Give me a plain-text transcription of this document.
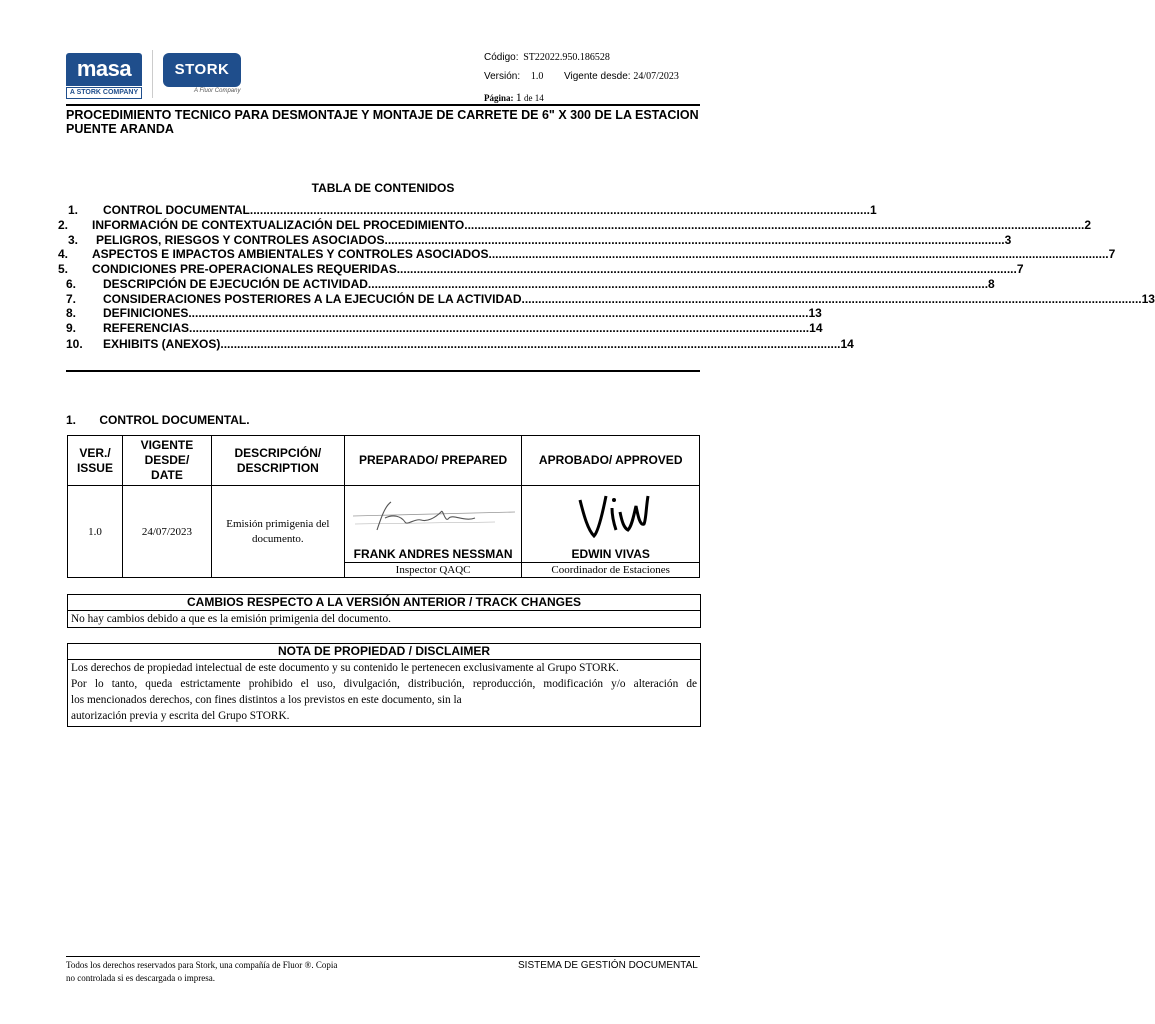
masa
A STORK COMPANY
STORK
A Fluor Company
Código: ST22022.950.186528
Versión: 1.0 Vigente desde: 24/07/2023
Página: 1 de 14
PROCEDIMIENTO TECNICO PARA DESMONTAJE Y MONTAJE DE CARRETE DE 6" X 300 DE LA ESTACION PUENTE ARANDA
TABLA DE CONTENIDOS
1. CONTROL DOCUMENTAL .......................................................................................................................................................................................... 1
2. INFORMACIÓN DE CONTEXTUALIZACIÓN DEL PROCEDIMIENTO .......................................................................................................................................................................................... 2
3. PELIGROS, RIESGOS Y CONTROLES ASOCIADOS .......................................................................................................................................................................................... 3
4. ASPECTOS E IMPACTOS AMBIENTALES Y CONTROLES ASOCIADOS .......................................................................................................................................................................................... 7
5. CONDICIONES PRE-OPERACIONALES REQUERIDAS .......................................................................................................................................................................................... 7
6. DESCRIPCIÓN DE EJECUCIÓN DE ACTIVIDAD .......................................................................................................................................................................................... 8
7. CONSIDERACIONES POSTERIORES A LA EJECUCIÓN DE LA ACTIVIDAD .......................................................................................................................................................................................... 13
8. DEFINICIONES .......................................................................................................................................................................................... 13
9. REFERENCIAS .......................................................................................................................................................................................... 14
10. EXHIBITS (ANEXOS) .......................................................................................................................................................................................... 14
1. CONTROL DOCUMENTAL.
VER./ ISSUE	VIGENTE DESDE/ DATE	DESCRIPCIÓN/ DESCRIPTION	PREPARADO/ PREPARED	APROBADO/ APPROVED
1.0	24/07/2023	Emisión primigenia del documento.	FRANK ANDRES NESSMAN	EDWIN VIVAS

			Inspector QAQC	Coordinador de Estaciones
CAMBIOS RESPECTO A LA VERSIÓN ANTERIOR / TRACK CHANGES
No hay cambios debido a que es la emisión primigenia del documento.
NOTA DE PROPIEDAD / DISCLAIMER
Los derechos de propiedad intelectual de este documento y su contenido le pertenecen exclusivamente al Grupo STORK.
Por lo tanto, queda estrictamente prohibido el uso, divulgación, distribución, reproducción, modificación y/o alteración de
los mencionados derechos, con fines distintos a los previstos en este documento, sin la
autorización previa y escrita del Grupo STORK.
Todos los derechos reservados para Stork, una compañía de Fluor ®. Copia
no controlada si es descargada o impresa.
SISTEMA DE GESTIÓN DOCUMENTAL
